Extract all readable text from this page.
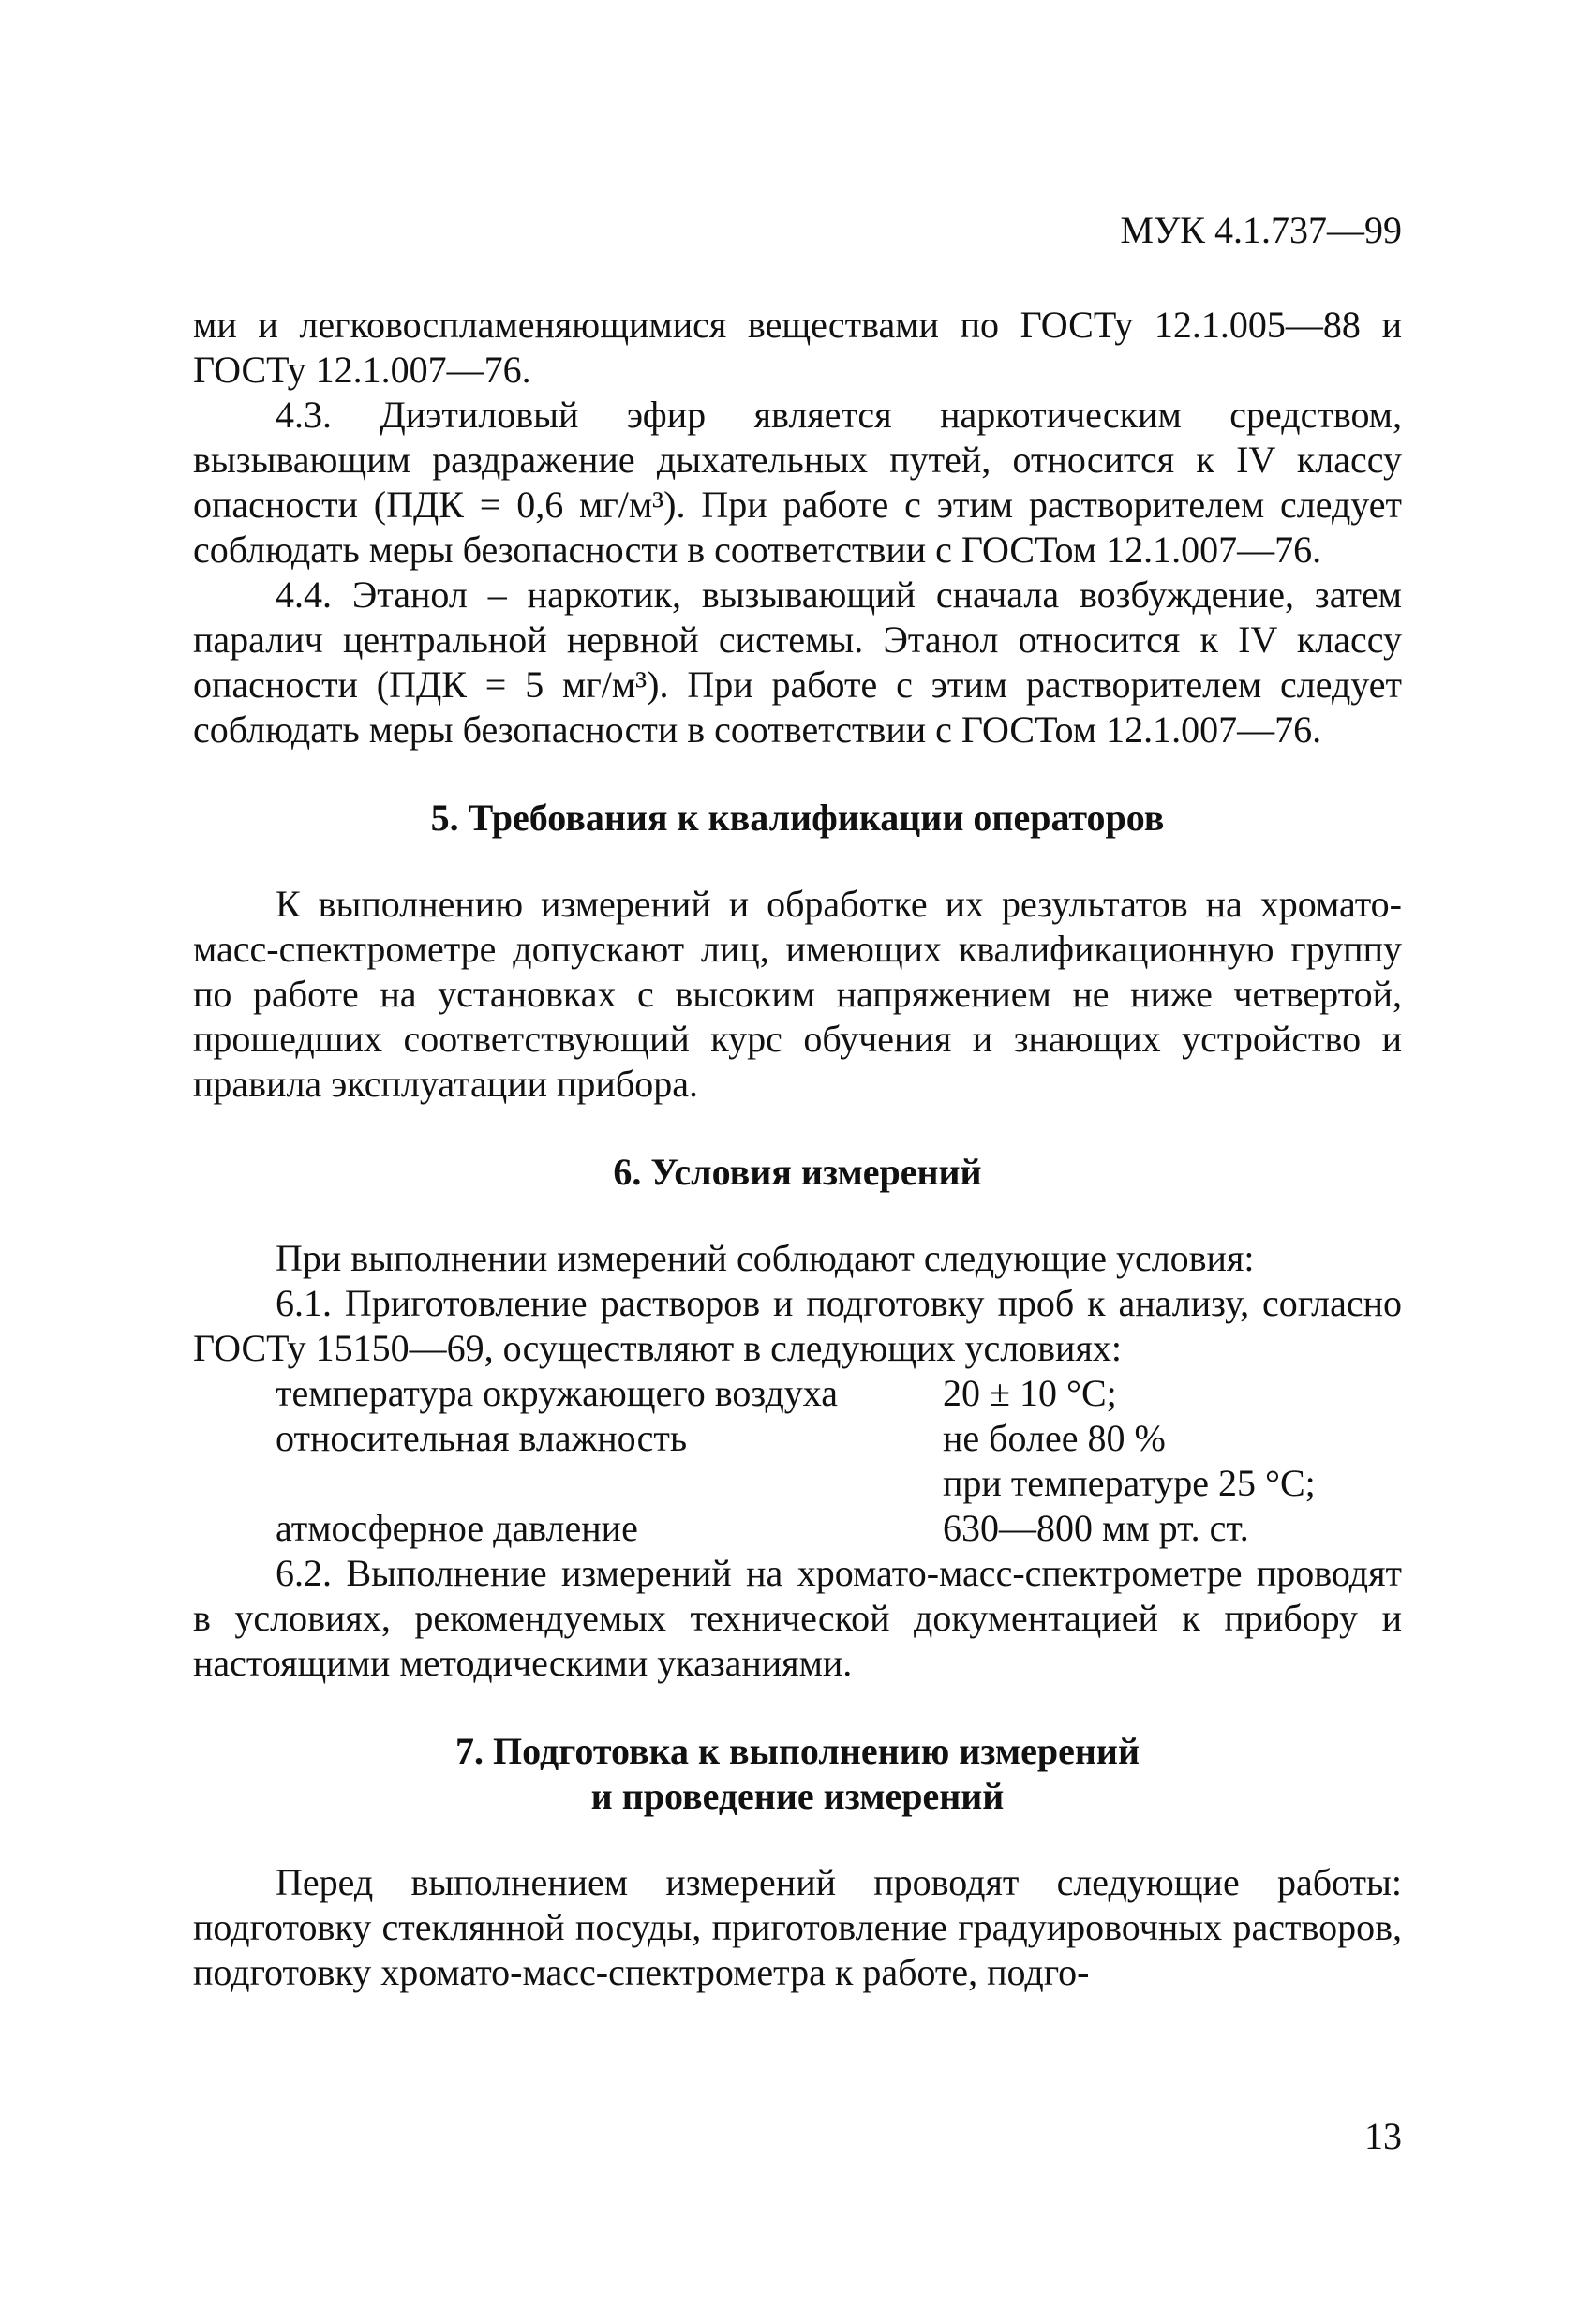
МУК 4.1.737—99

ми и легковоспламеняющимися веществами по ГОСТу 12.1.005—88 и ГОСТу 12.1.007—76.

4.3. Диэтиловый эфир является наркотическим средством, вызывающим раздражение дыхательных путей, относится к IV классу опасности (ПДК = 0,6 мг/м³). При работе с этим растворителем следует соблюдать меры безопасности в соответствии с ГОСТом 12.1.007—76.

4.4. Этанол – наркотик, вызывающий сначала возбуждение, затем паралич центральной нервной системы. Этанол относится к IV классу опасности (ПДК = 5 мг/м³). При работе с этим растворителем следует соблюдать меры безопасности в соответствии с ГОСТом 12.1.007—76.

5. Требования к квалификации операторов

К выполнению измерений и обработке их результатов на хромато-масс-спектрометре допускают лиц, имеющих квалификационную группу по работе на установках с высоким напряжением не ниже четвертой, прошедших соответствующий курс обучения и знающих устройство и правила эксплуатации прибора.

6. Условия измерений

При выполнении измерений соблюдают следующие условия:

6.1. Приготовление растворов и подготовку проб к анализу, согласно ГОСТу 15150—69, осуществляют в следующих условиях:

температура окружающего воздуха	20 ± 10 °C;
относительная влажность	не более 80 %
при температуре 25 °C;
атмосферное давление	630—800 мм рт. ст.

6.2. Выполнение измерений на хромато-масс-спектрометре проводят в условиях, рекомендуемых технической документацией к прибору и настоящими методическими указаниями.

7. Подготовка к выполнению измерений
и проведение измерений

Перед выполнением измерений проводят следующие работы: подготовку стеклянной посуды, приготовление градуировочных растворов, подготовку хромато-масс-спектрометра к работе, подго-

13
